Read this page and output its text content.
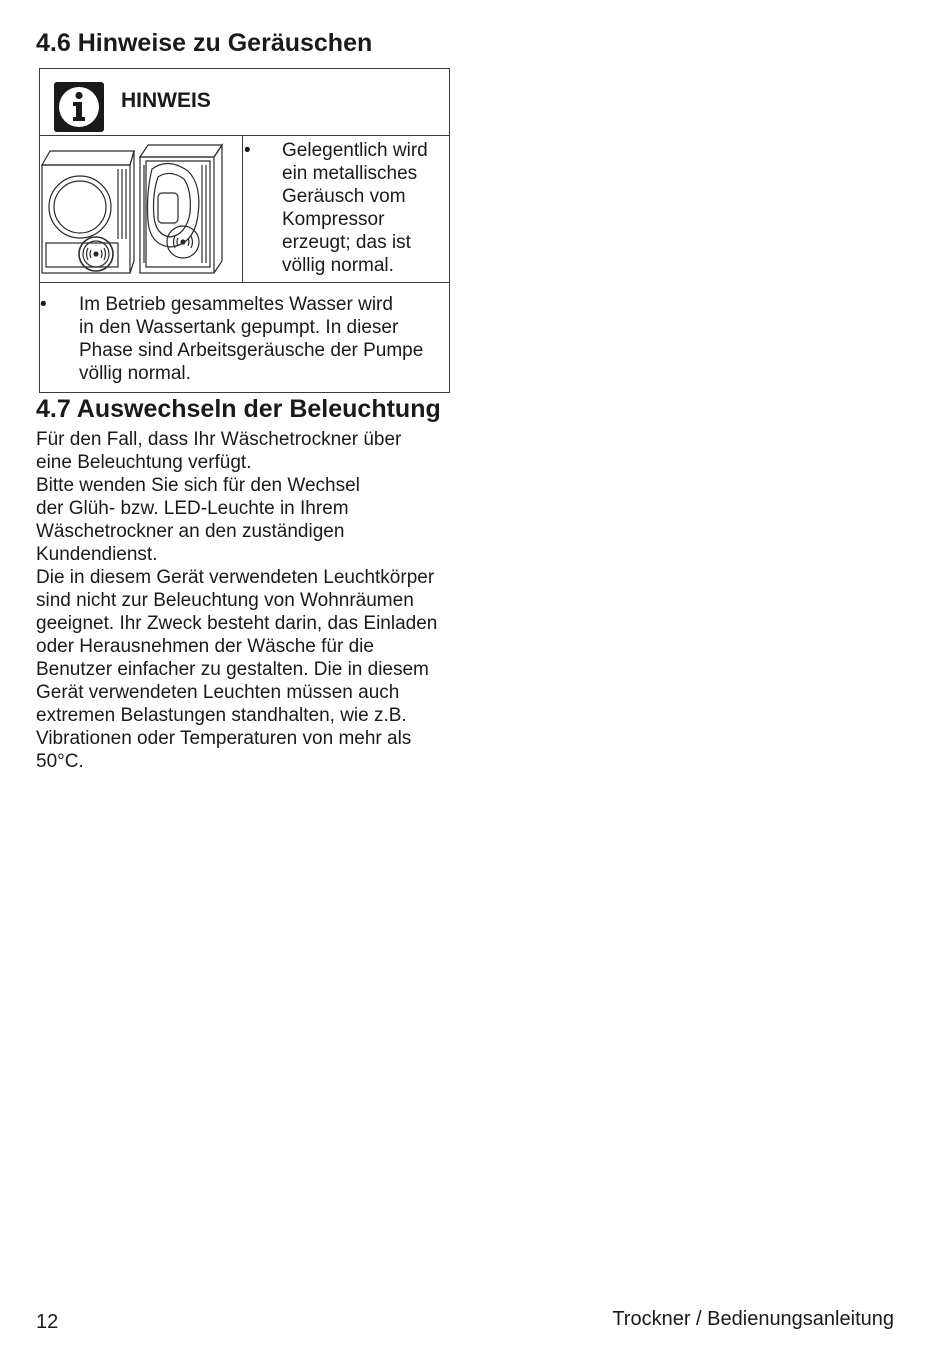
4.6 Hinweise zu Geräuschen
HINWEIS
• Gelegentlich wird
ein metallisches
Geräusch vom
Kompressor
erzeugt; das ist
völlig normal.
• Im Betrieb gesammeltes Wasser wird
in den Wassertank gepumpt. In dieser
Phase sind Arbeitsgeräusche der Pumpe
völlig normal.
4.7 Auswechseln der Beleuchtung

Für den Fall, dass Ihr Wäschetrockner über
eine Beleuchtung verfügt.
Bitte wenden Sie sich für den Wechsel
der Glüh- bzw. LED-Leuchte in Ihrem
Wäschetrockner an den zuständigen
Kundendienst.
Die in diesem Gerät verwendeten Leuchtkörper
sind nicht zur Beleuchtung von Wohnräumen
geeignet. Ihr Zweck besteht darin, das Einladen
oder Herausnehmen der Wäsche für die
Benutzer einfacher zu gestalten. Die in diesem
Gerät verwendeten Leuchten müssen auch
extremen Belastungen standhalten, wie z.B.
Vibrationen oder Temperaturen von mehr als
50°C.

12	Trockner / Bedienungsanleitung
